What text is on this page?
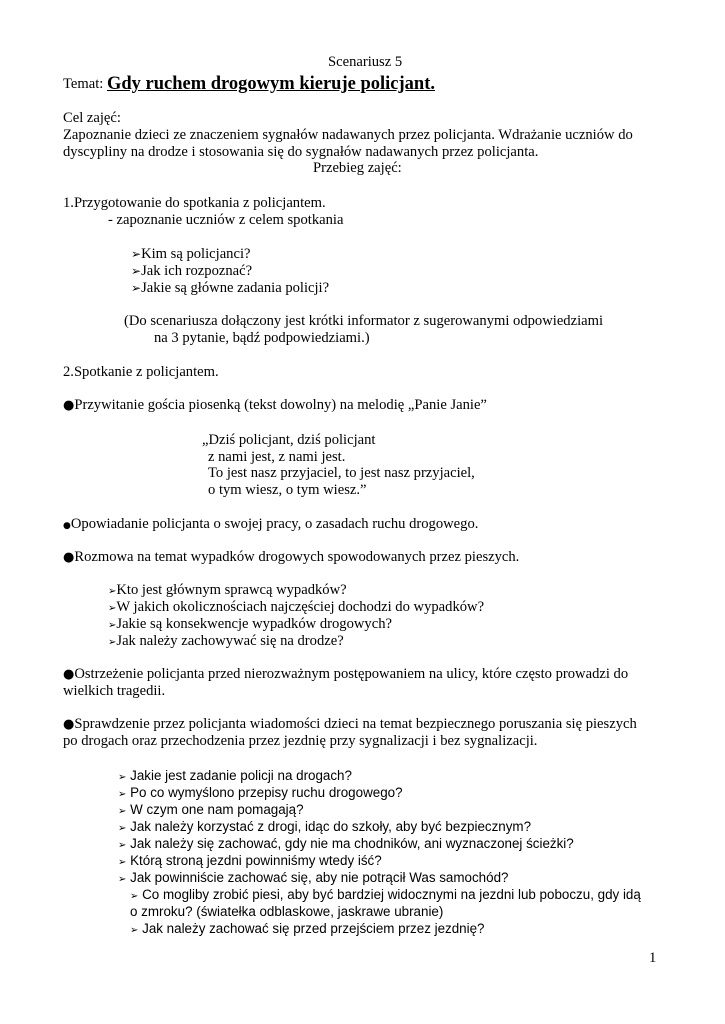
Scenariusz 5
Temat: Gdy ruchem drogowym kieruje policjant.
Cel zajęć:
Zapoznanie dzieci ze znaczeniem sygnałów nadawanych przez policjanta. Wdrażanie uczniów do
dyscypliny na drodze i stosowania się do sygnałów nadawanych przez policjanta.
Przebieg zajęć:
1.Przygotowanie do spotkania z policjantem.
- zapoznanie uczniów z celem spotkania
➢Kim są policjanci?
➢Jak ich rozpoznać?
➢Jakie są główne zadania policji?
(Do scenariusza dołączony jest krótki informator z sugerowanymi odpowiedziami
na 3 pytanie, bądź podpowiedziami.)
2.Spotkanie z policjantem.
●Przywitanie gościa piosenką (tekst dowolny) na melodię „Panie Janie”
„Dziś policjant, dziś policjant
z nami jest, z nami jest.
To jest nasz przyjaciel, to jest nasz przyjaciel,
o tym wiesz, o tym wiesz.”
●Opowiadanie policjanta o swojej pracy, o zasadach ruchu drogowego.
●Rozmowa na temat wypadków drogowych spowodowanych przez pieszych.
➢Kto jest głównym sprawcą wypadków?
➢W jakich okolicznościach najczęściej dochodzi do wypadków?
➢Jakie są konsekwencje wypadków drogowych?
➢Jak należy zachowywać się na drodze?
●Ostrzeżenie policjanta przed nierozważnym postępowaniem na ulicy, które często prowadzi do
wielkich tragedii.
●Sprawdzenie przez policjanta wiadomości dzieci na temat bezpiecznego poruszania się pieszych
po drogach oraz przechodzenia przez jezdnię przy sygnalizacji i bez sygnalizacji.
➢ Jakie jest zadanie policji na drogach?
➢ Po co wymyślono przepisy ruchu drogowego?
➢ W czym one nam pomagają?
➢ Jak należy korzystać z drogi, idąc do szkoły, aby być bezpiecznym?
➢ Jak należy się zachować, gdy nie ma chodników, ani wyznaczonej ścieżki?
➢ Którą stroną jezdni powinniśmy wtedy iść?
➢ Jak powinniście zachować się, aby nie potrącił Was samochód?
➢ Co mogliby zrobić piesi, aby być bardziej widocznymi na jezdni lub poboczu, gdy idą
o zmroku? (światełka odblaskowe, jaskrawe ubranie)
➢ Jak należy zachować się przed przejściem przez jezdnię?
1
